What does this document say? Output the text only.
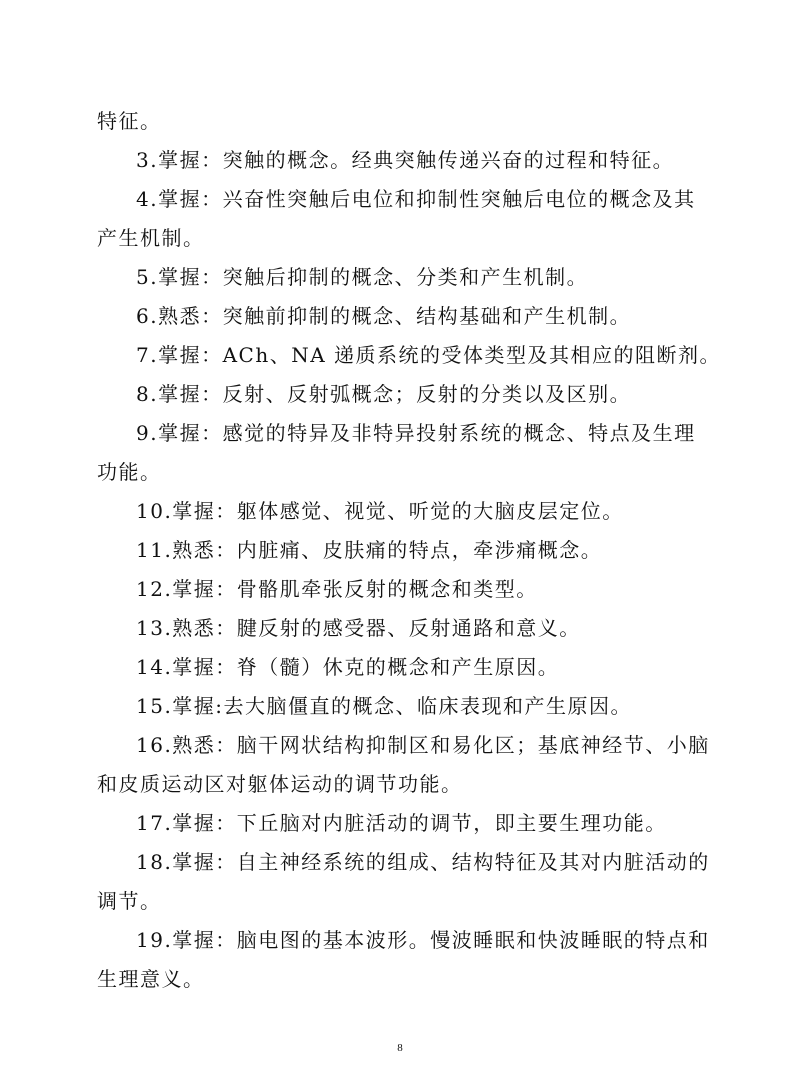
特征。
3.掌握：突触的概念。经典突触传递兴奋的过程和特征。
4.掌握：兴奋性突触后电位和抑制性突触后电位的概念及其
产生机制。
5.掌握：突触后抑制的概念、分类和产生机制。
6.熟悉：突触前抑制的概念、结构基础和产生机制。
7.掌握：ACh、NA 递质系统的受体类型及其相应的阻断剂。
8.掌握：反射、反射弧概念；反射的分类以及区别。
9.掌握：感觉的特异及非特异投射系统的概念、特点及生理
功能。
10.掌握：躯体感觉、视觉、听觉的大脑皮层定位。
11.熟悉：内脏痛、皮肤痛的特点，牵涉痛概念。
12.掌握：骨骼肌牵张反射的概念和类型。
13.熟悉：腱反射的感受器、反射通路和意义。
14.掌握：脊（髓）休克的概念和产生原因。
15.掌握:去大脑僵直的概念、临床表现和产生原因。
16.熟悉：脑干网状结构抑制区和易化区；基底神经节、小脑
和皮质运动区对躯体运动的调节功能。
17.掌握：下丘脑对内脏活动的调节，即主要生理功能。
18.掌握：自主神经系统的组成、结构特征及其对内脏活动的
调节。
19.掌握：脑电图的基本波形。慢波睡眠和快波睡眠的特点和
生理意义。
8
